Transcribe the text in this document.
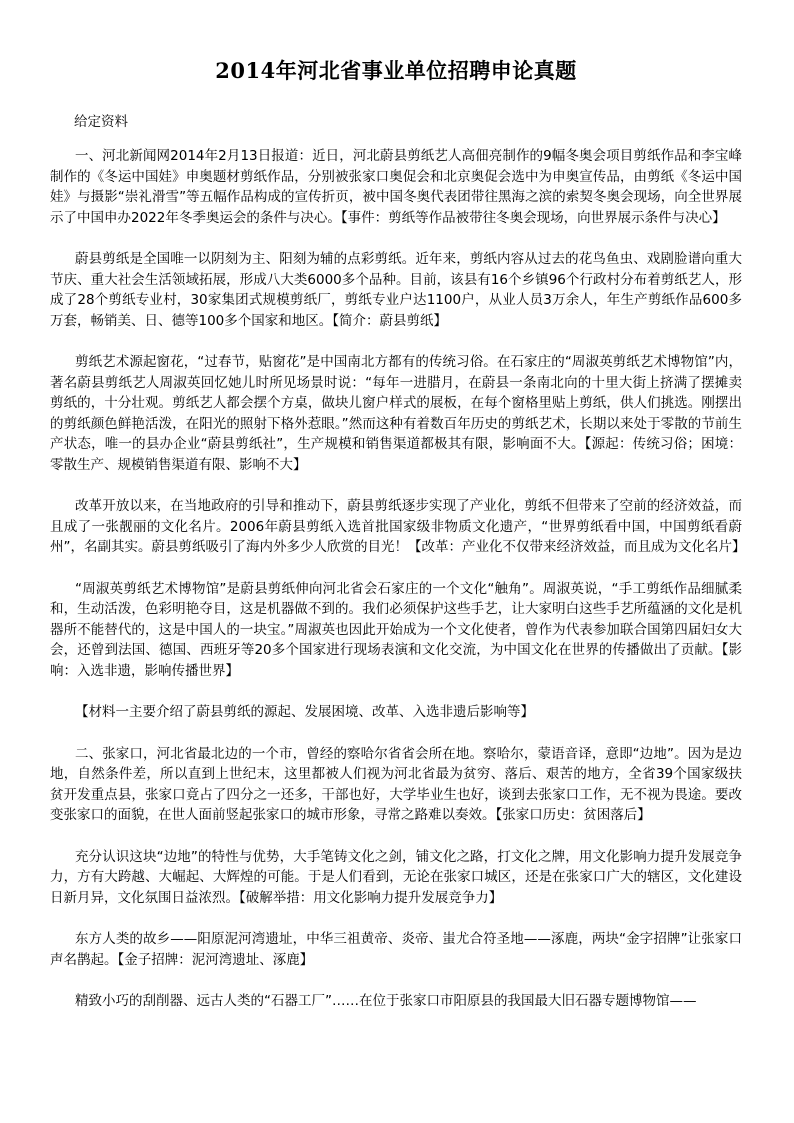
2014年河北省事业单位招聘申论真题
给定资料

一、河北新闻网2014年2月13日报道：近日，河北蔚县剪纸艺人高佃亮制作的9幅冬奥会项目剪纸作品和李宝峰制作的《冬运中国娃》申奥题材剪纸作品，分别被张家口奥促会和北京奥促会选中为申奥宣传品，由剪纸《冬运中国娃》与摄影“崇礼滑雪”等五幅作品构成的宣传折页，被中国冬奥代表团带往黑海之滨的索契冬奥会现场，向全世界展示了中国申办2022年冬季奥运会的条件与决心。【事件：剪纸等作品被带往冬奥会现场，向世界展示条件与决心】

蔚县剪纸是全国唯一以阴刻为主、阳刻为辅的点彩剪纸。近年来，剪纸内容从过去的花鸟鱼虫、戏剧脸谱向重大节庆、重大社会生活领域拓展，形成八大类6000多个品种。目前，该县有16个乡镇96个行政村分布着剪纸艺人，形成了28个剪纸专业村，30家集团式规模剪纸厂，剪纸专业户达1100户，从业人员3万余人，年生产剪纸作品600多万套，畅销美、日、德等100多个国家和地区。【简介：蔚县剪纸】

剪纸艺术源起窗花，“过春节，贴窗花”是中国南北方都有的传统习俗。在石家庄的“周淑英剪纸艺术博物馆”内，著名蔚县剪纸艺人周淑英回忆她儿时所见场景时说：“每年一进腊月，在蔚县一条南北向的十里大街上挤满了摆摊卖剪纸的，十分壮观。剪纸艺人都会摆个方桌，做块儿窗户样式的展板，在每个窗格里贴上剪纸，供人们挑选。刚摆出的剪纸颜色鲜艳活泼，在阳光的照射下格外惹眼。”然而这种有着数百年历史的剪纸艺术，长期以来处于零散的节前生产状态，唯一的县办企业“蔚县剪纸社”，生产规模和销售渠道都极其有限，影响面不大。【源起：传统习俗；困境：零散生产、规模销售渠道有限、影响不大】

改革开放以来，在当地政府的引导和推动下，蔚县剪纸逐步实现了产业化，剪纸不但带来了空前的经济效益，而且成了一张靓丽的文化名片。2006年蔚县剪纸入选首批国家级非物质文化遗产，“世界剪纸看中国，中国剪纸看蔚州”，名副其实。蔚县剪纸吸引了海内外多少人欣赏的目光！【改革：产业化不仅带来经济效益，而且成为文化名片】

“周淑英剪纸艺术博物馆”是蔚县剪纸伸向河北省会石家庄的一个文化“触角”。周淑英说，“手工剪纸作品细腻柔和，生动活泼，色彩明艳夺目，这是机器做不到的。我们必须保护这些手艺，让大家明白这些手艺所蕴涵的文化是机器所不能替代的，这是中国人的一块宝。”周淑英也因此开始成为一个文化使者，曾作为代表参加联合国第四届妇女大会，还曾到法国、德国、西班牙等20多个国家进行现场表演和文化交流，为中国文化在世界的传播做出了贡献。【影响：入选非遗，影响传播世界】

【材料一主要介绍了蔚县剪纸的源起、发展困境、改革、入选非遗后影响等】

二、张家口，河北省最北边的一个市，曾经的察哈尔省省会所在地。察哈尔，蒙语音译，意即“边地”。因为是边地，自然条件差，所以直到上世纪末，这里都被人们视为河北省最为贫穷、落后、艰苦的地方，全省39个国家级扶贫开发重点县，张家口竟占了四分之一还多，干部也好，大学毕业生也好，谈到去张家口工作，无不视为畏途。要改变张家口的面貌，在世人面前竖起张家口的城市形象，寻常之路难以奏效。【张家口历史：贫困落后】

充分认识这块“边地”的特性与优势，大手笔铸文化之剑，铺文化之路，打文化之牌，用文化影响力提升发展竞争力，方有大跨越、大崛起、大辉煌的可能。于是人们看到，无论在张家口城区，还是在张家口广大的辖区，文化建设日新月异，文化氛围日益浓烈。【破解举措：用文化影响力提升发展竞争力】

东方人类的故乡——阳原泥河湾遗址，中华三祖黄帝、炎帝、蚩尤合符圣地——涿鹿，两块“金字招牌”让张家口声名鹊起。【金子招牌：泥河湾遗址、涿鹿】

精致小巧的刮削器、远古人类的“石器工厂”……在位于张家口市阳原县的我国最大旧石器专题博物馆——
